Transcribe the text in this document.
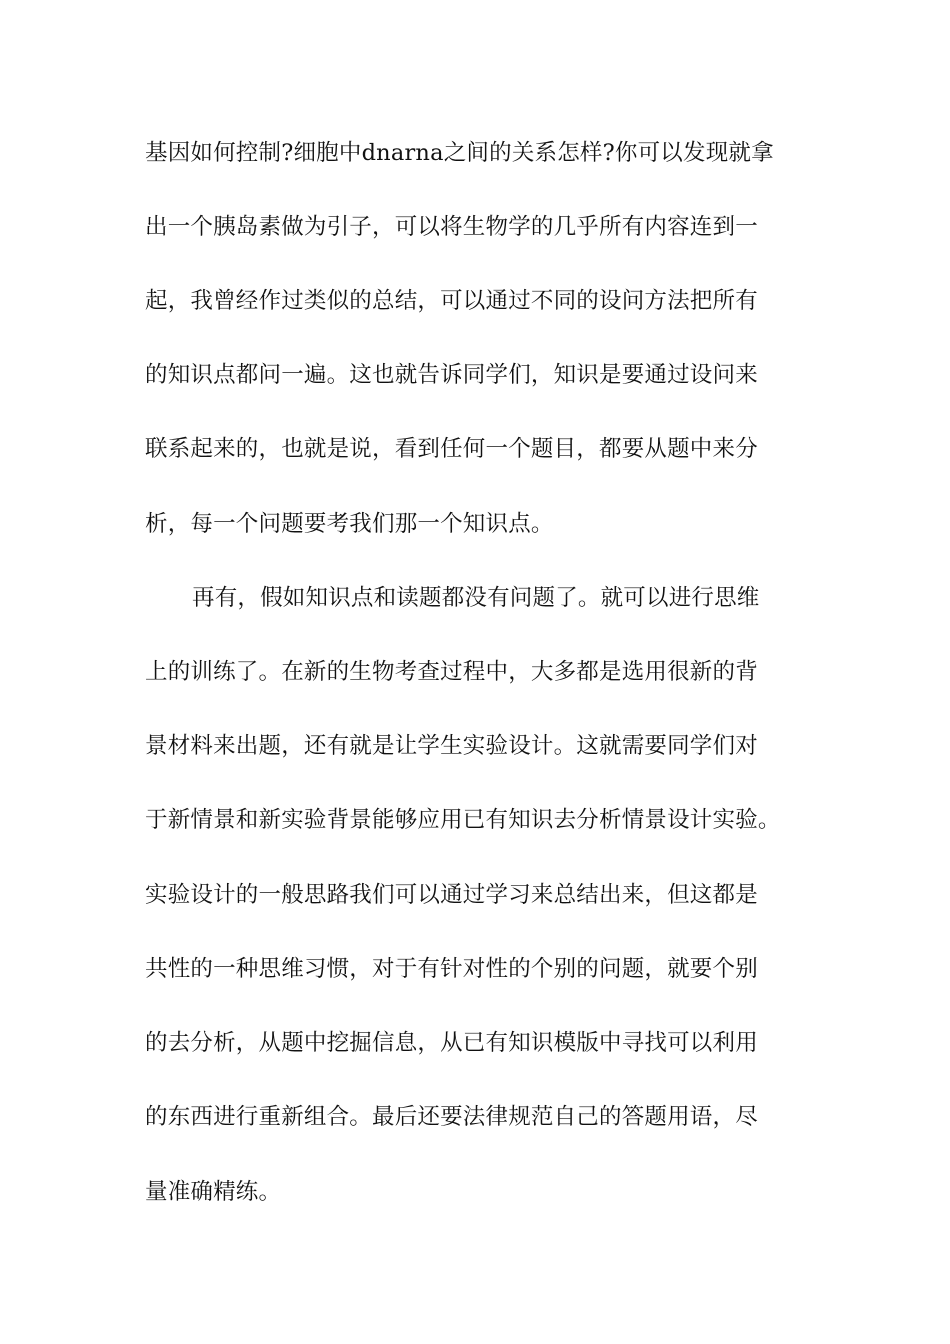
基因如何控制?细胞中dnarna之间的关系怎样?你可以发现就拿

出一个胰岛素做为引子，可以将生物学的几乎所有内容连到一

起，我曾经作过类似的总结，可以通过不同的设问方法把所有

的知识点都问一遍。这也就告诉同学们，知识是要通过设问来

联系起来的，也就是说，看到任何一个题目，都要从题中来分

析，每一个问题要考我们那一个知识点。

再有，假如知识点和读题都没有问题了。就可以进行思维

上的训练了。在新的生物考查过程中，大多都是选用很新的背

景材料来出题，还有就是让学生实验设计。这就需要同学们对

于新情景和新实验背景能够应用已有知识去分析情景设计实验。

实验设计的一般思路我们可以通过学习来总结出来，但这都是

共性的一种思维习惯，对于有针对性的个别的问题，就要个别

的去分析，从题中挖掘信息，从已有知识模版中寻找可以利用

的东西进行重新组合。最后还要法律规范自己的答题用语，尽

量准确精练。
